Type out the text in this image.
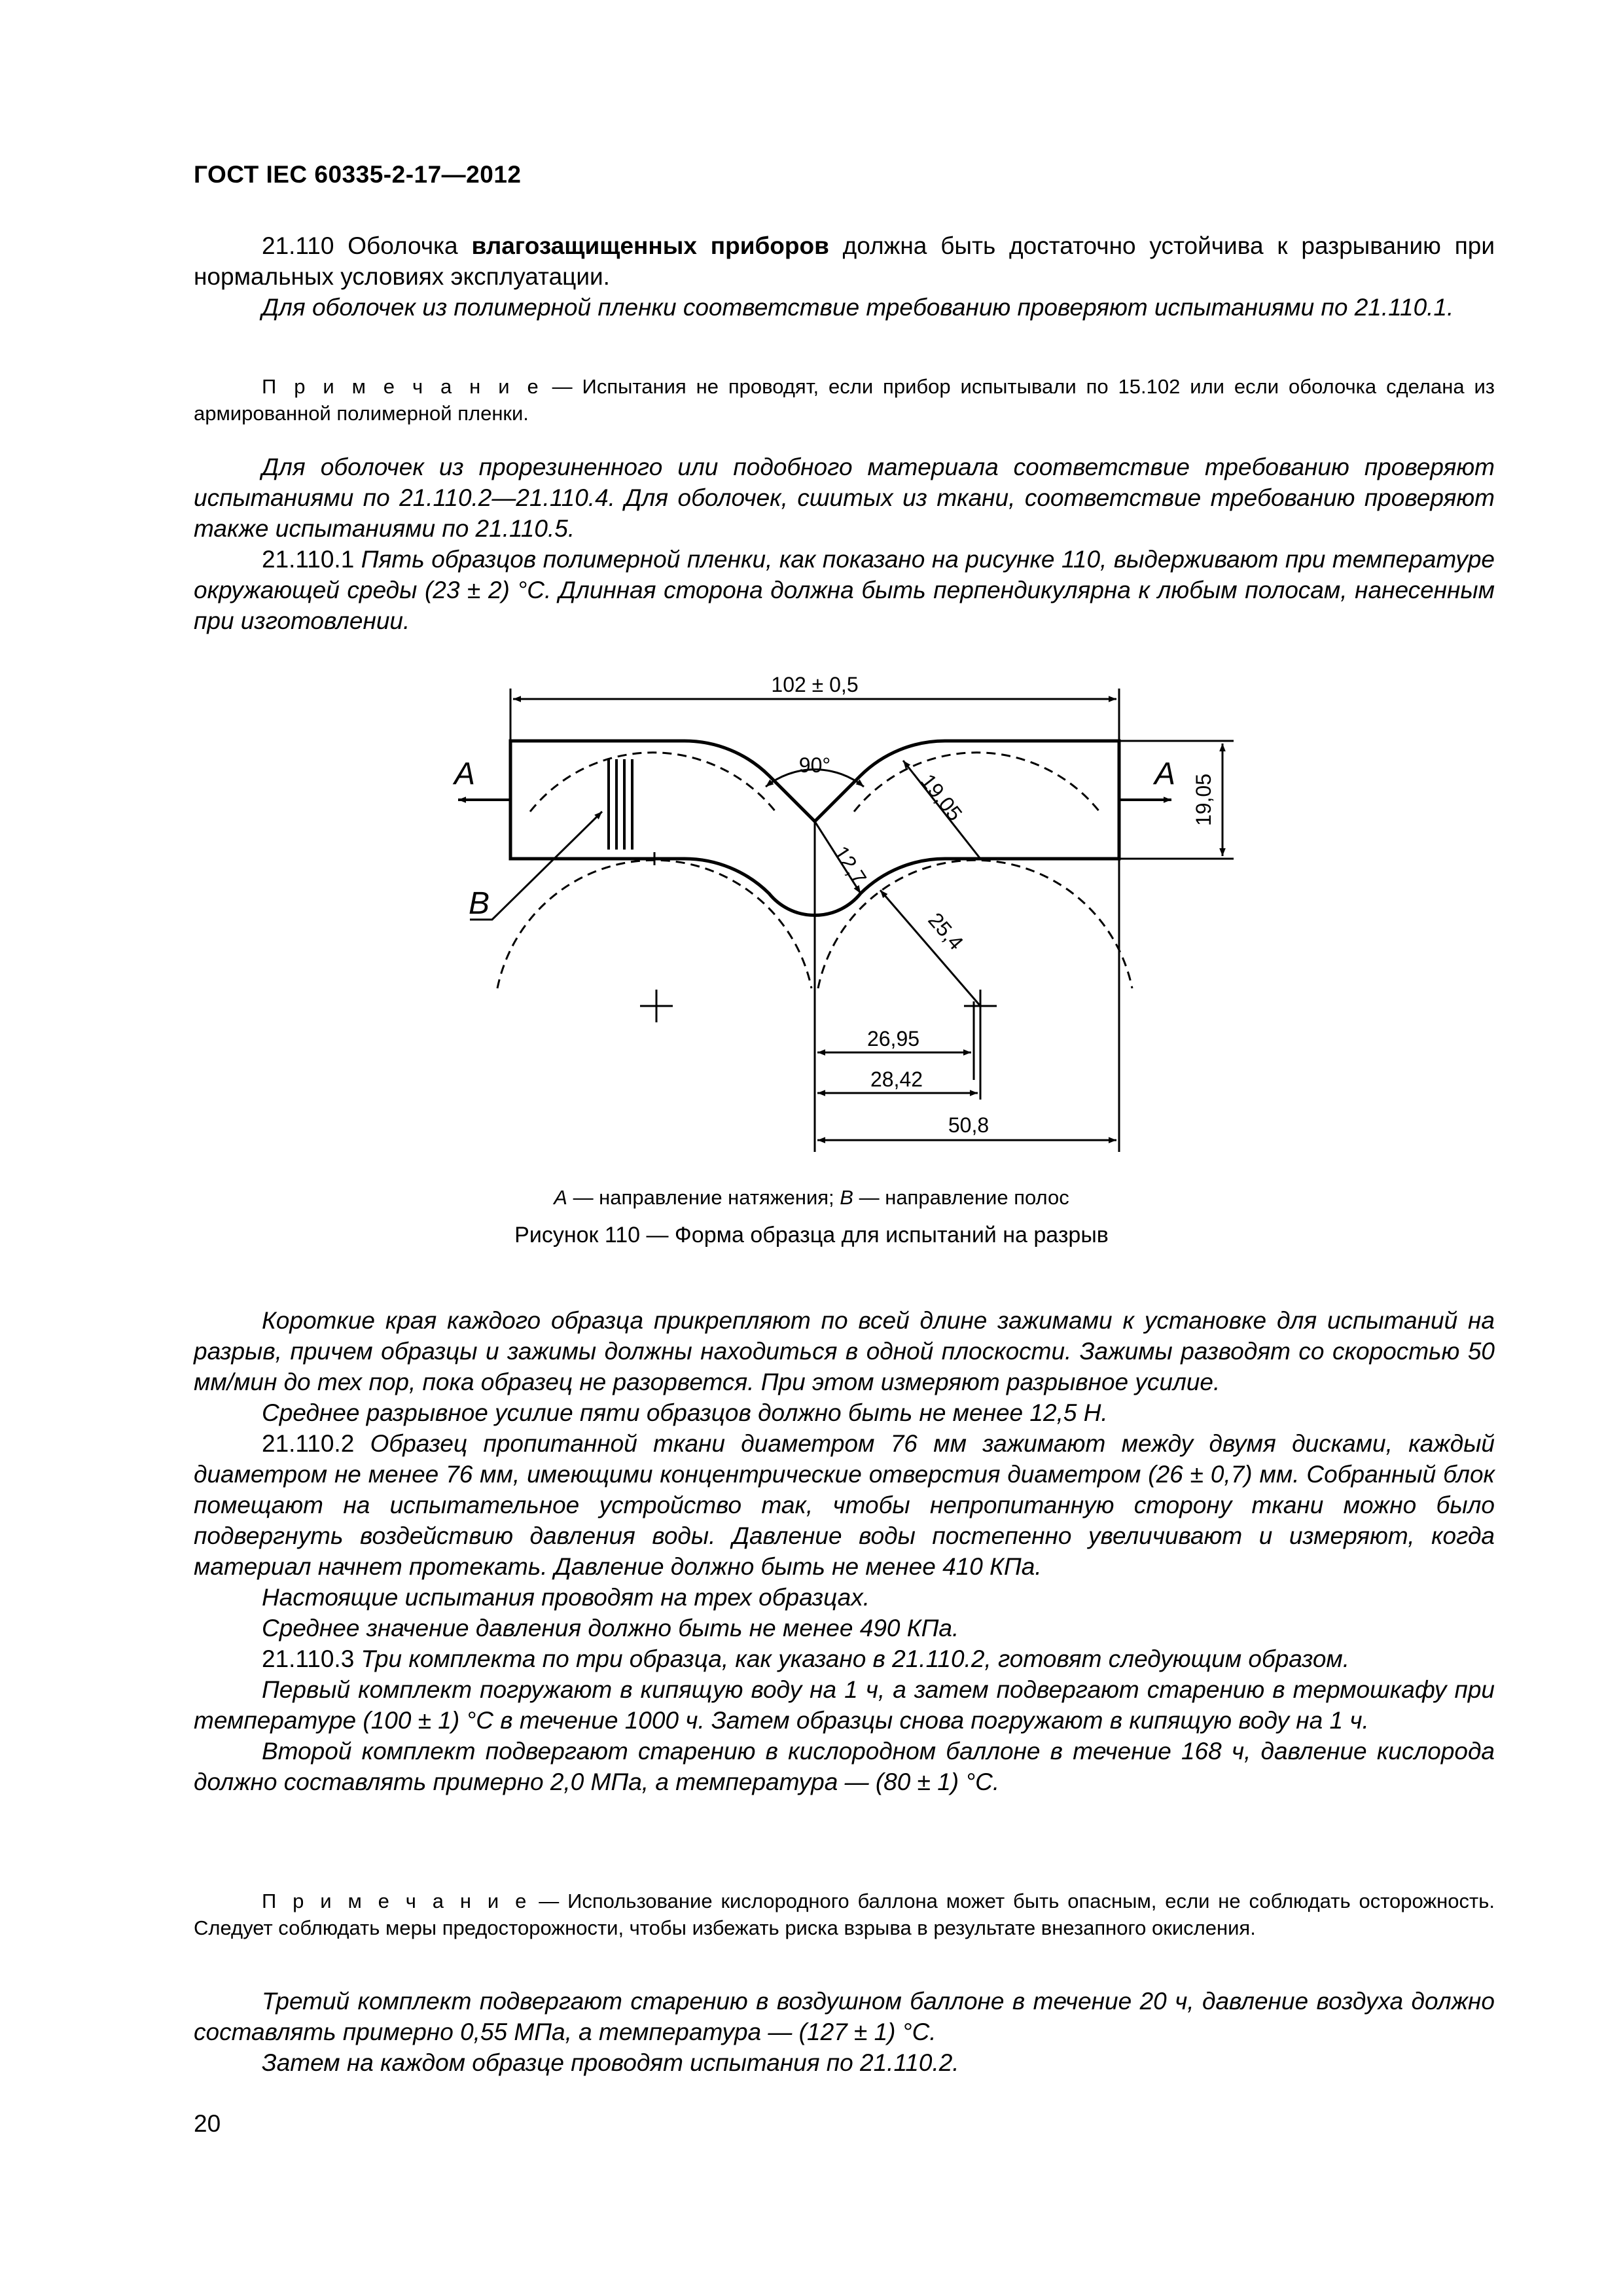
ГОСТ IEC 60335-2-17—2012

21.110 Оболочка влагозащищенных приборов должна быть достаточно устойчива к разрыванию при нормальных условиях эксплуатации.

Для оболочек из полимерной пленки соответствие требованию проверяют испытаниями по 21.110.1.

П р и м е ч а н и е — Испытания не проводят, если прибор испытывали по 15.102 или если оболочка сделана из армированной полимерной пленки.

Для оболочек из прорезиненного или подобного материала соответствие требованию проверяют испытаниями по 21.110.2—21.110.4. Для оболочек, сшитых из ткани, соответствие требованию проверяют также испытаниями по 21.110.5.

21.110.1 Пять образцов полимерной пленки, как показано на рисунке 110, выдерживают при температуре окружающей среды (23 ± 2) °С. Длинная сторона должна быть перпендикулярна к любым полосам, нанесенным при изготовлении.

102 ± 0,5
19,05
90°
19,05
12,7
25,4
26,95
28,42
50,8
А	А
В
А — направление натяжения; В — направление полос
Рисунок 110 — Форма образца для испытаний на разрыв

Короткие края каждого образца прикрепляют по всей длине зажимами к установке для испытаний на разрыв, причем образцы и зажимы должны находиться в одной плоскости. Зажимы разводят со скоростью 50 мм/мин до тех пор, пока образец не разорвется. При этом измеряют разрывное усилие.

Среднее разрывное усилие пяти образцов должно быть не менее 12,5 Н.

21.110.2 Образец пропитанной ткани диаметром 76 мм зажимают между двумя дисками, каждый диаметром не менее 76 мм, имеющими концентрические отверстия диаметром (26 ± 0,7) мм. Собранный блок помещают на испытательное устройство так, чтобы непропитанную сторону ткани можно было подвергнуть воздействию давления воды. Давление воды постепенно увеличивают и измеряют, когда материал начнет протекать. Давление должно быть не менее 410 КПа.

Настоящие испытания проводят на трех образцах.

Среднее значение давления должно быть не менее 490 КПа.

21.110.3 Три комплекта по три образца, как указано в 21.110.2, готовят следующим образом.

Первый комплект погружают в кипящую воду на 1 ч, а затем подвергают старению в термошкафу при температуре (100 ± 1) °С в течение 1000 ч. Затем образцы снова погружают в кипящую воду на 1 ч.

Второй комплект подвергают старению в кислородном баллоне в течение 168 ч, давление кислорода должно составлять примерно 2,0 МПа, а температура — (80 ± 1) °С.

П р и м е ч а н и е — Использование кислородного баллона может быть опасным, если не соблюдать осторожность. Следует соблюдать меры предосторожности, чтобы избежать риска взрыва в результате внезапного окисления.

Третий комплект подвергают старению в воздушном баллоне в течение 20 ч, давление воздуха должно составлять примерно 0,55 МПа, а температура — (127 ± 1) °С.

Затем на каждом образце проводят испытания по 21.110.2.

20
